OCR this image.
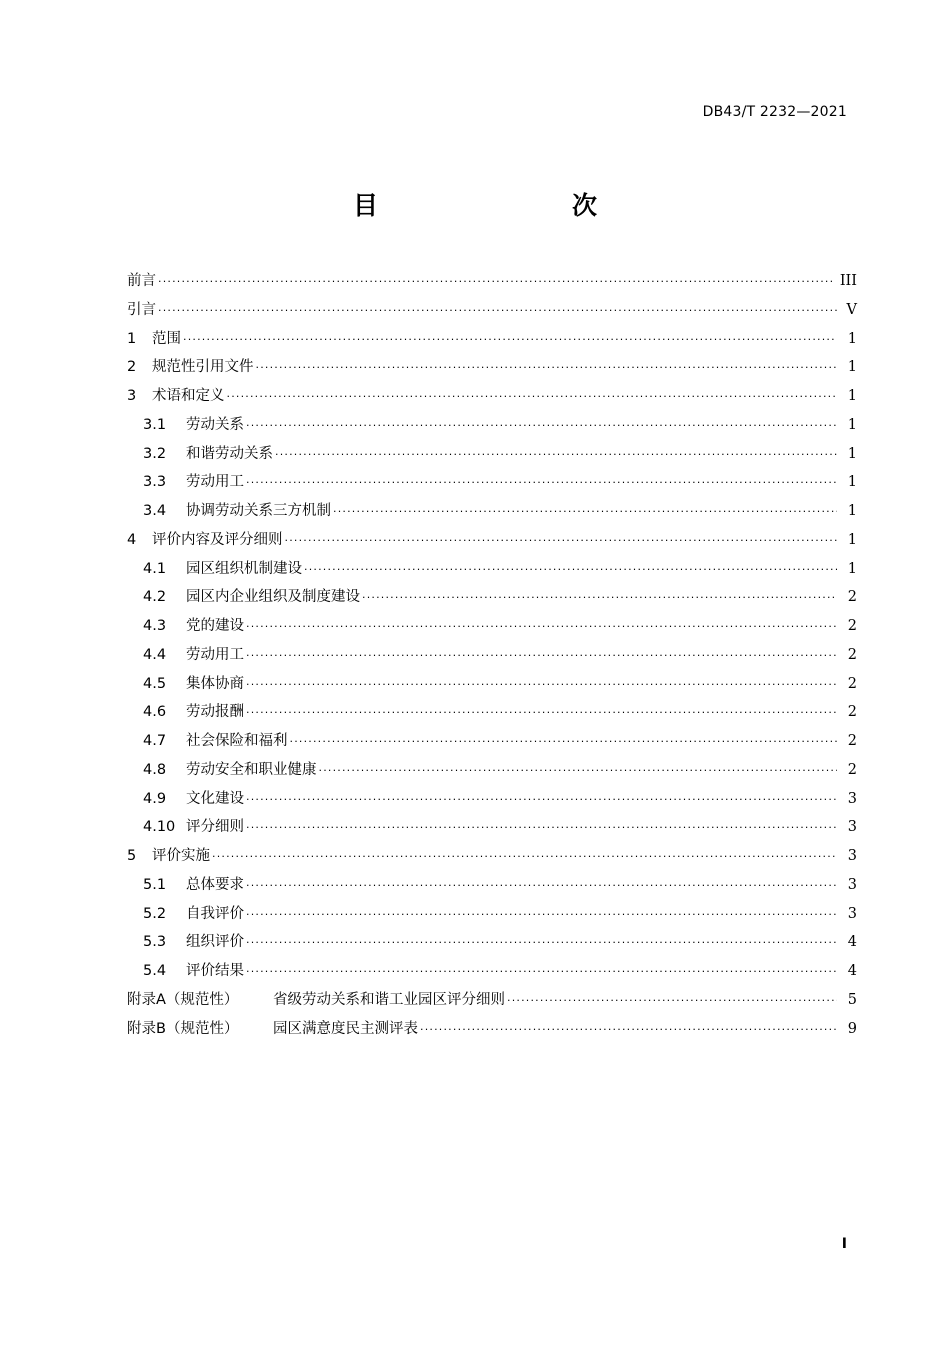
DB43/T 2232—2021
目　　次
前言 ·····	III
引言 ·····	V
1	范围 ·····	1
2	规范性引用文件 ·····	1
3	术语和定义 ·····	1
3.1	劳动关系 ·····	1
3.2	和谐劳动关系 ·····	1
3.3	劳动用工 ·····	1
3.4	协调劳动关系三方机制 ·····	1
4	评价内容及评分细则 ·····	1
4.1	园区组织机制建设 ·····	1
4.2	园区内企业组织及制度建设 ·····	2
4.3	党的建设 ·····	2
4.4	劳动用工 ·····	2
4.5	集体协商 ·····	2
4.6	劳动报酬 ·····	2
4.7	社会保险和福利 ·····	2
4.8	劳动安全和职业健康 ·····	2
4.9	文化建设 ·····	3
4.10 评分细则 ·····	3
5	评价实施 ·····	3
5.1	总体要求 ·····	3
5.2	自我评价 ·····	3
5.3	组织评价 ·····	4
5.4	评价结果 ·····	4
附录A（规范性）	省级劳动关系和谐工业园区评分细则 ·····	5
附录B（规范性）	园区满意度民主测评表 ·····	9
I
